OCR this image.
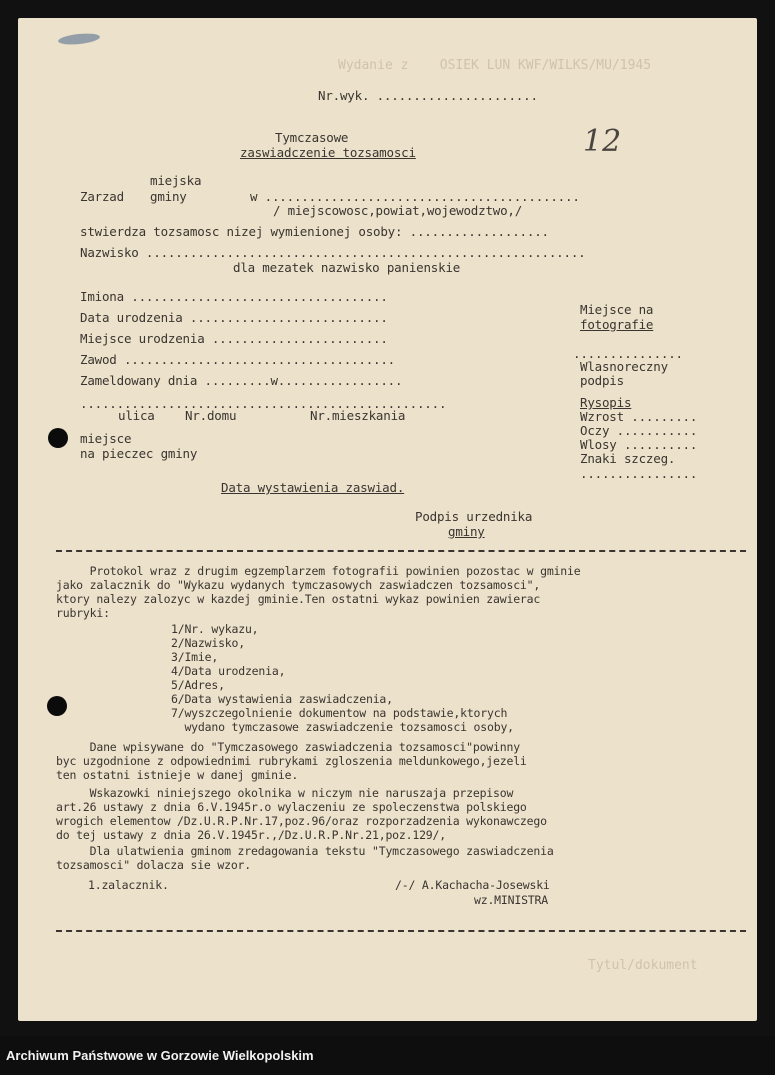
Wydanie z    OSIEK LUN KWF/WILKS/MU/1945
Tytul/dokument
Nr.wyk. ......................
Tymczasowe
zaswiadczenie tozsamosci	12
miejska
Zarzad gminy	w ...........................................
/ miejscowosc,powiat,wojewodztwo,/
stwierdza tozsamosc nizej wymienionej osoby: ...................
Nazwisko ............................................................
dla mezatek nazwisko panienskie
Imiona ...................................
Data urodzenia ...........................
Miejsce urodzenia ........................
Zawod .....................................
Zameldowany dnia .........w.................
..................................................
ulica Nr.domu	Nr.mieszkania
miejsce
na pieczec gminy
Data wystawienia zaswiad.
Podpis urzednika
gminy
Miejsce na
fotografie
...............
Wlasnoreczny
podpis
Rysopis
Wzrost .........
Oczy ...........
Wlosy ..........
Znaki szczeg.
................
Protokol wraz z drugim egzemplarzem fotografii powinien pozostac w gminie
jako zalacznik do "Wykazu wydanych tymczasowych zaswiadczen tozsamosci",
ktory nalezy zalozyc w kazdej gminie.Ten ostatni wykaz powinien zawierac
rubryki:
1/Nr. wykazu,
2/Nazwisko,
3/Imie,
4/Data urodzenia,
5/Adres,
6/Data wystawienia zaswiadczenia,
7/wyszczegolnienie dokumentow na podstawie,ktorych
wydano tymczasowe zaswiadczenie tozsamosci osoby,
Dane wpisywane do "Tymczasowego zaswiadczenia tozsamosci"powinny
byc uzgodnione z odpowiednimi rubrykami zgloszenia meldunkowego,jezeli
ten ostatni istnieje w danej gminie.
Wskazowki niniejszego okolnika w niczym nie naruszaja przepisow
art.26 ustawy z dnia 6.V.1945r.o wylaczeniu ze spoleczenstwa polskiego
wrogich elementow /Dz.U.R.P.Nr.17,poz.96/oraz rozporzadzenia wykonawczego
do tej ustawy z dnia 26.V.1945r.,/Dz.U.R.P.Nr.21,poz.129/,
Dla ulatwienia gminom zredagowania tekstu "Tymczasowego zaswiadczenia
tozsamosci" dolacza sie wzor.
1.zalacznik.	/-/ A.Kachacha-Josewski
wz.MINISTRA
Archiwum Państwowe w Gorzowie Wielkopolskim
